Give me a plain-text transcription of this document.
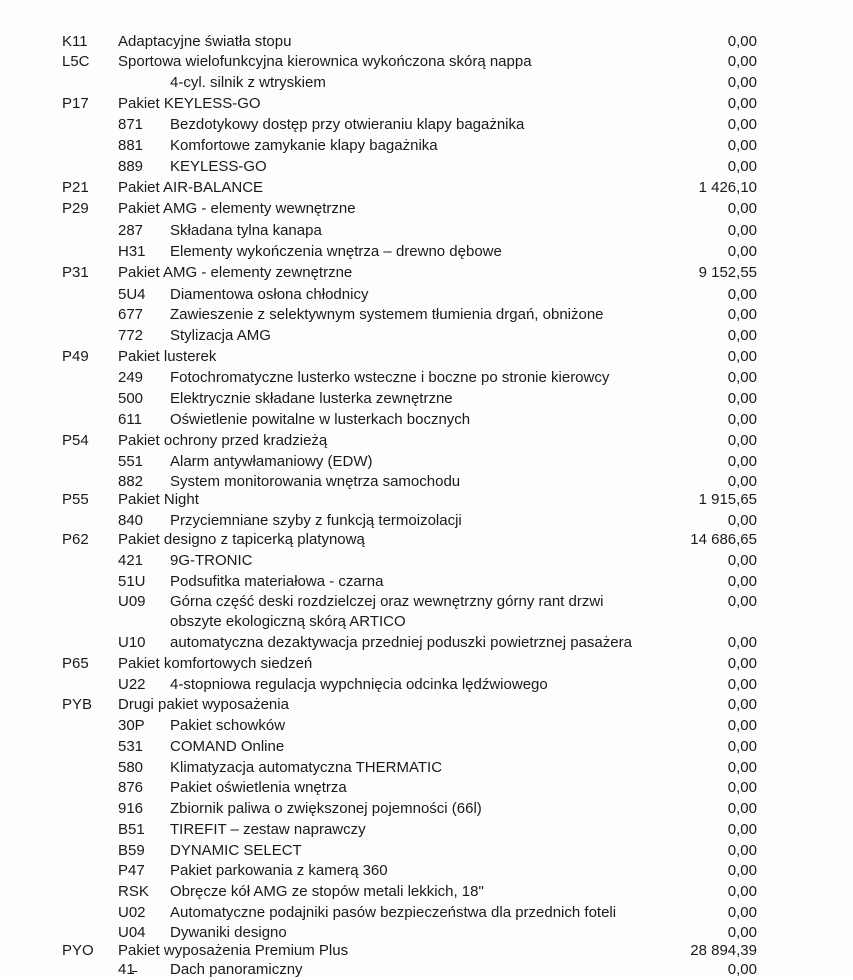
K11	Adaptacyjne światła stopu	0,00
L5C	Sportowa wielofunkcyjna kierownica wykończona skórą nappa	0,00
4-cyl. silnik z wtryskiem	0,00
P17	Pakiet KEYLESS-GO	0,00
871	Bezdotykowy dostęp przy otwieraniu klapy bagażnika	0,00
881	Komfortowe zamykanie klapy bagażnika	0,00
889	KEYLESS-GO	0,00
P21	Pakiet AIR-BALANCE	1 426,10
P29	Pakiet AMG - elementy wewnętrzne	0,00
287	Składana tylna kanapa	0,00
H31	Elementy wykończenia wnętrza – drewno dębowe	0,00
P31	Pakiet AMG - elementy zewnętrzne	9 152,55
5U4	Diamentowa osłona chłodnicy	0,00
677	Zawieszenie z selektywnym systemem tłumienia drgań, obniżone	0,00
772	Stylizacja AMG	0,00
P49	Pakiet lusterek	0,00
249	Fotochromatyczne lusterko wsteczne i boczne po stronie kierowcy	0,00
500	Elektrycznie składane lusterka zewnętrzne	0,00
611	Oświetlenie powitalne w lusterkach bocznych	0,00
P54	Pakiet ochrony przed kradzieżą	0,00
551	Alarm antywłamaniowy (EDW)	0,00
882	System monitorowania wnętrza samochodu	0,00
P55	Pakiet Night	1 915,65
840	Przyciemniane szyby z funkcją termoizolacji	0,00
P62	Pakiet designo z tapicerką platynową	14 686,65
421	9G-TRONIC	0,00
51U	Podsufitka materiałowa - czarna	0,00
U09	Górna część deski rozdzielczej oraz wewnętrzny górny rant drzwi	0,00
obszyte ekologiczną skórą ARTICO
U10	automatyczna dezaktywacja przedniej poduszki powietrznej pasażera	0,00
P65	Pakiet komfortowych siedzeń	0,00
U22	4-stopniowa regulacja wypchnięcia odcinka lędźwiowego	0,00
PYB	Drugi pakiet wyposażenia	0,00
30P	Pakiet schowków	0,00
531	COMAND Online	0,00
580	Klimatyzacja automatyczna THERMATIC	0,00
876	Pakiet oświetlenia wnętrza	0,00
916	Zbiornik paliwa o zwiększonej pojemności (66l)	0,00
B51	TIREFIT – zestaw naprawczy	0,00
B59	DYNAMIC SELECT	0,00
P47	Pakiet parkowania z kamerą 360	0,00
RSK	Obręcze kół AMG ze stopów metali lekkich, 18"	0,00
U02	Automatyczne podajniki pasów bezpieczeństwa dla przednich foteli	0,00
U04	Dywaniki designo	0,00
PYO	Pakiet wyposażenia Premium Plus	28 894,39
41̵	Dach panoramiczny	0,00
